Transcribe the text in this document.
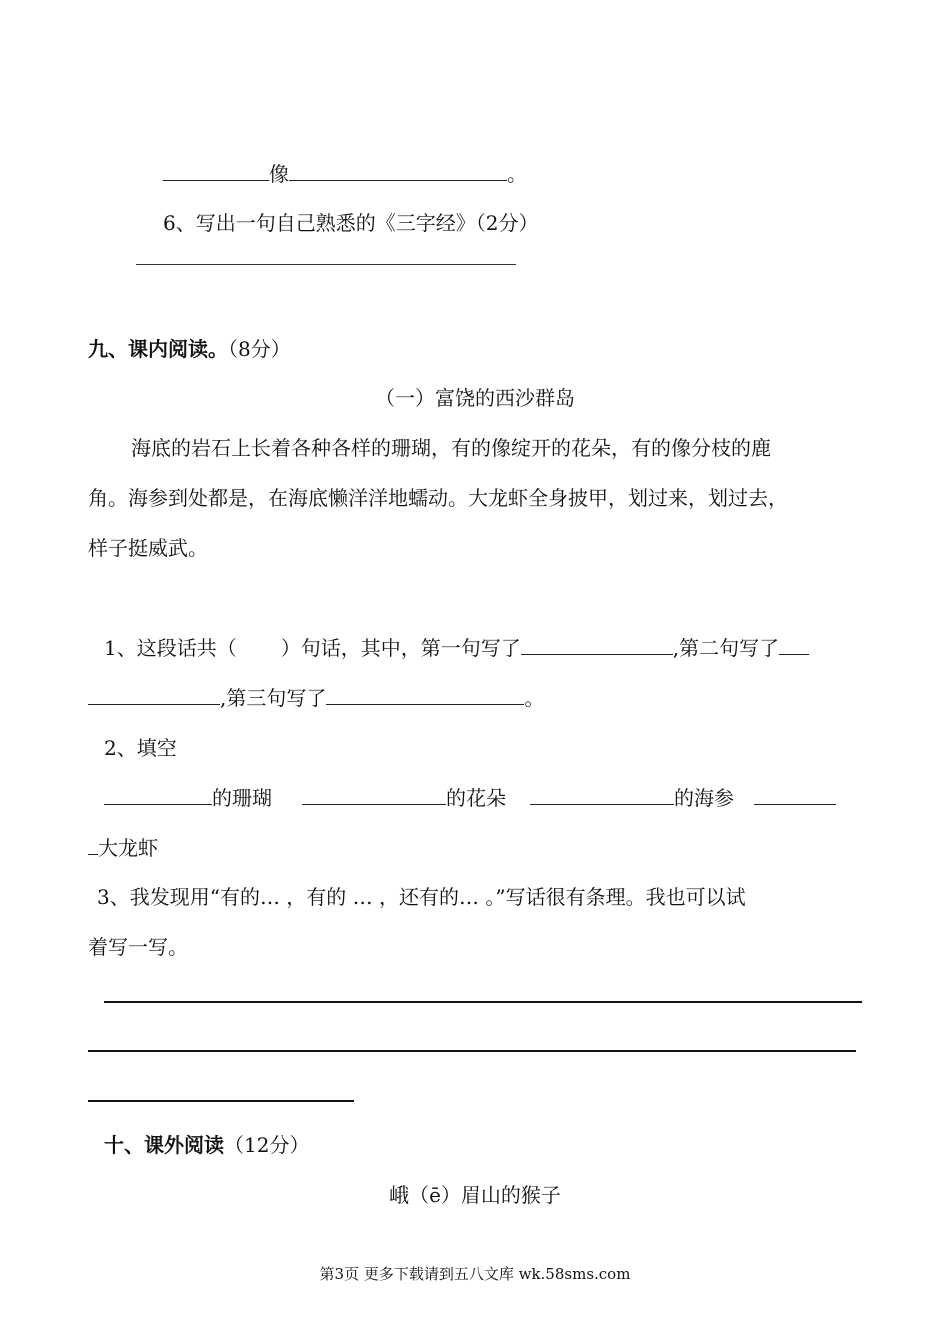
像	。
6、写出一句自己熟悉的《三字经》（2分）
九、课内阅读。（8分）
（一）富饶的西沙群岛
海底的岩石上长着各种各样的珊瑚，有的像绽开的花朵，有的像分枝的鹿
角。海参到处都是，在海底懒洋洋地蠕动。大龙虾全身披甲，划过来，划过去，
样子挺威武。
1、这段话共（ ）句话，其中，第一句写了	,第二句写了
,第三句写了	。
2、填空
的珊瑚	的花朵	的海参
大龙虾
3、我发现用“有的… ，有的 … ，还有的… 。”写话很有条理。我也可以试
着写一写。
十、课外阅读（12分）
峨（ē）眉山的猴子
第3页 更多下载请到五八文库 wk.58sms.com
